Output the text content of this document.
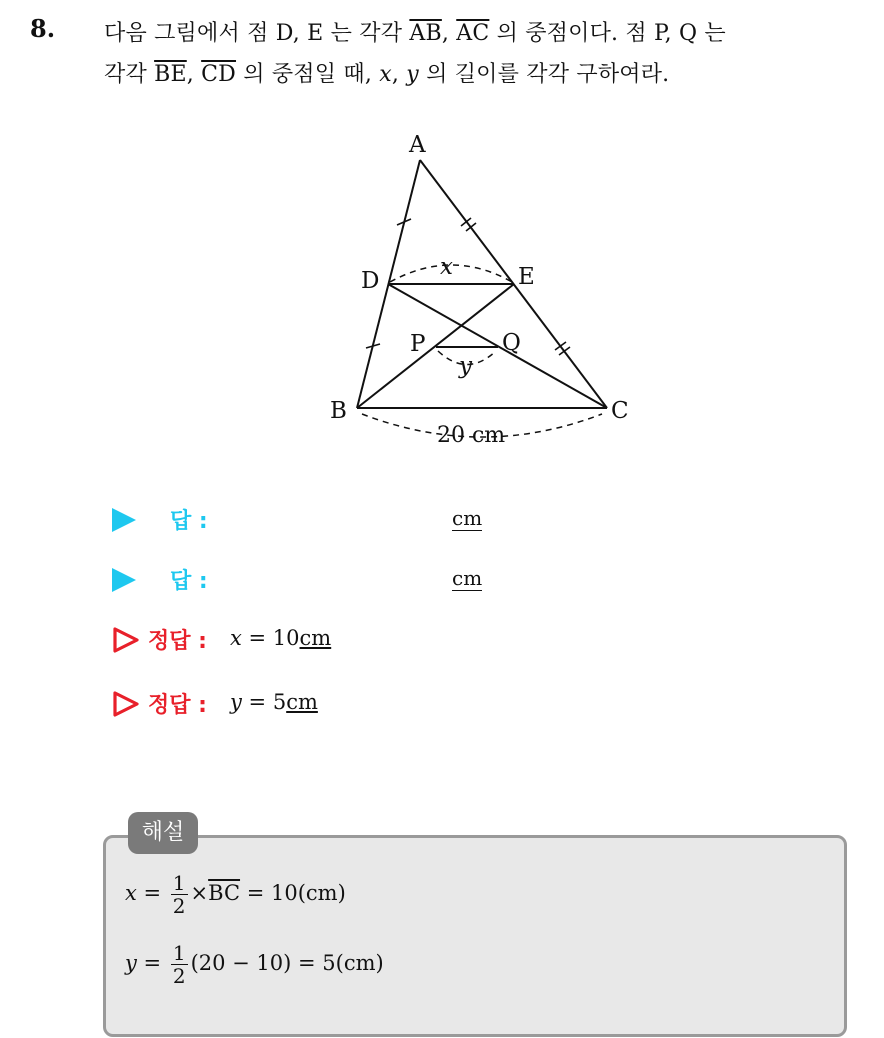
8. 다음 그림에서 점 D, E 는 각각 $\overline{AB}$, $\overline{AC}$ 의 중점이다. 점 P, Q 는
각각 $\overline{BE}$, $\overline{CD}$ 의 중점일 때, x, y 의 길이를 각각 구하여라.
A
B	C
D	E
P	Q
x
y
20 cm
답 :	cm
답 :	cm
정답 : x = 10cm
정답 : y = 5cm
해설
$x = \frac{1}{2} \times\overline{BC} = 10(cm)$
$y = \frac{1}{2} (20 - 10) = 5(cm)$
